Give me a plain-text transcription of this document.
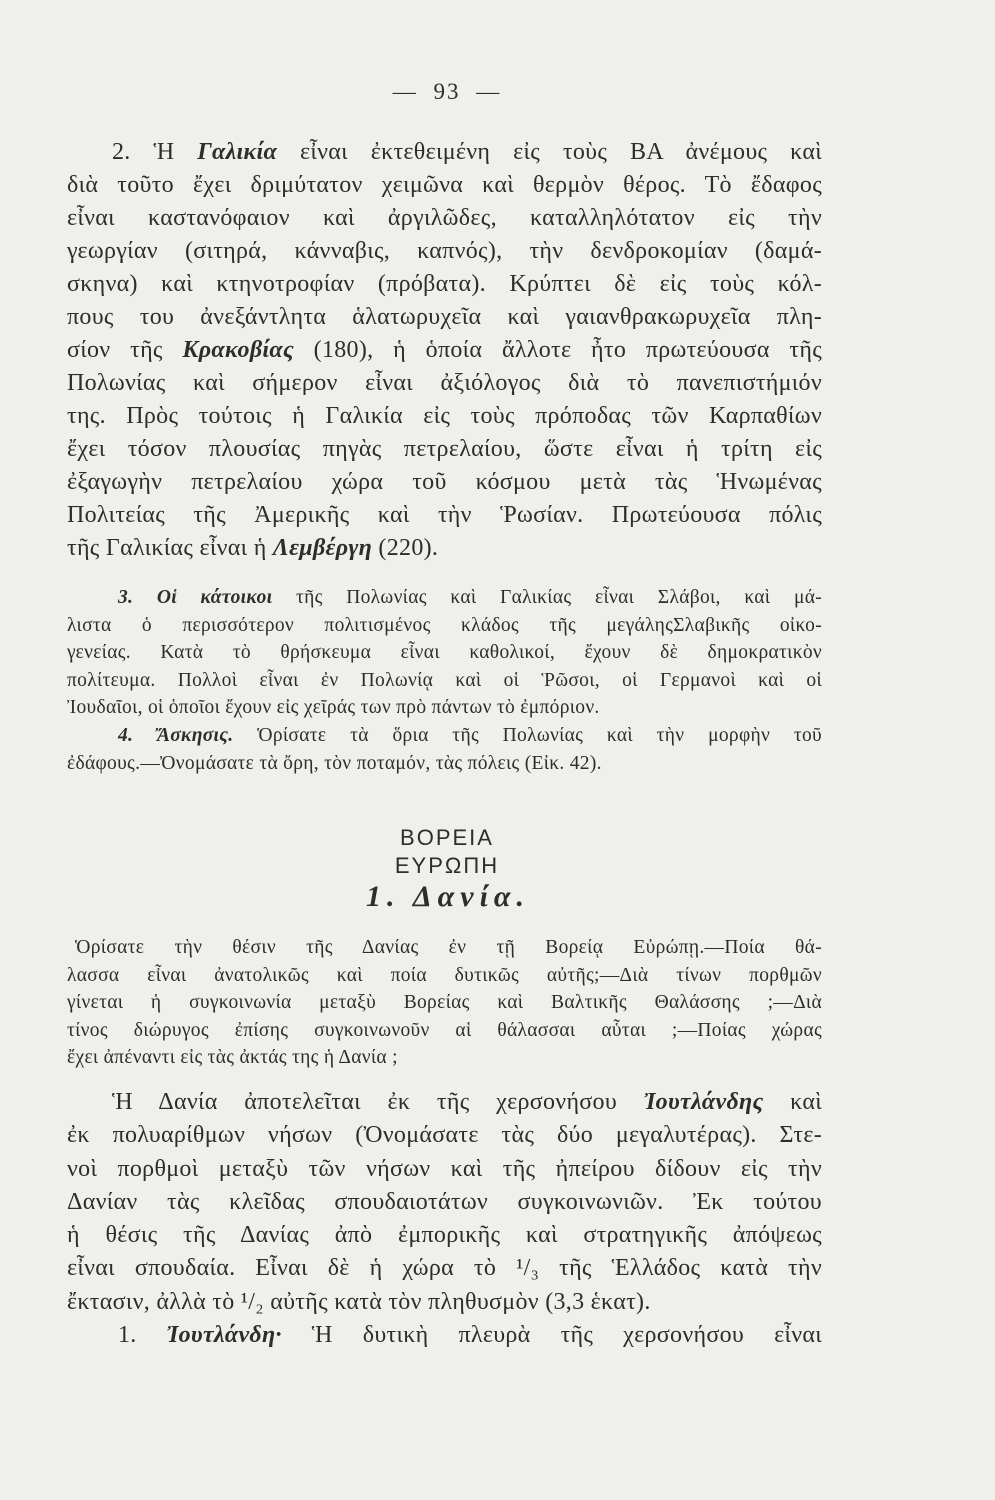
— 93 —
2. Ἡ Γαλικία εἶναι ἐκτεθειμένη εἰς τοὺς ΒΑ ἀνέμους καὶ
διὰ τοῦτο ἔχει δριμύτατον χειμῶνα καὶ θερμὸν θέρος. Τὸ ἔδαφος
εἶναι καστανόφαιον καὶ ἀργιλῶδες, καταλληλότατον εἰς τὴν
γεωργίαν (σιτηρά, κάνναβις, καπνός), τὴν δενδροκομίαν (δαμά-
σκηνα) καὶ κτηνοτροφίαν (πρόβατα). Κρύπτει δὲ εἰς τοὺς κόλ-
πους του ἀνεξάντλητα ἁλατωρυχεῖα καὶ γαιανθρακωρυχεῖα πλη-
σίον τῆς Κρακοβίας (180), ἡ ὁποία ἄλλοτε ἦτο πρωτεύουσα τῆς
Πολωνίας καὶ σήμερον εἶναι ἀξιόλογος διὰ τὸ πανεπιστήμιόν
της. Πρὸς τούτοις ἡ Γαλικία εἰς τοὺς πρόποδας τῶν Καρπαθίων
ἔχει τόσον πλουσίας πηγὰς πετρελαίου, ὥστε εἶναι ἡ τρίτη εἰς
ἐξαγωγὴν πετρελαίου χώρα τοῦ κόσμου μετὰ τὰς Ἡνωμένας
Πολιτείας τῆς Ἀμερικῆς καὶ τὴν Ῥωσίαν. Πρωτεύουσα πόλις
τῆς Γαλικίας εἶναι ἡ Λεμβέργη (220).
3. Οἱ κάτοικοι τῆς Πολωνίας καὶ Γαλικίας εἶναι Σλάβοι, καὶ μά-
λιστα ὁ περισσότερον πολιτισμένος κλάδος τῆς μεγάληςΣλαβικῆς οἰκο-
γενείας. Κατὰ τὸ θρήσκευμα εἶναι καθολικοί, ἔχουν δὲ δημοκρατικὸν
πολίτευμα. Πολλοὶ εἶναι ἐν Πολωνίᾳ καὶ οἱ Ῥῶσοι, οἱ Γερμανοὶ καὶ οἱ
Ἰουδαῖοι, οἱ ὁποῖοι ἔχουν εἰς χεῖράς των πρὸ πάντων τὸ ἐμπόριον.
4. Ἄσκησις. Ὁρίσατε τὰ ὅρια τῆς Πολωνίας καὶ τὴν μορφὴν τοῦ
ἐδάφους.—Ὀνομάσατε τὰ ὄρη, τὸν ποταμόν, τὰς πόλεις (Εἰκ. 42).
ΒΟΡΕΙΑ ΕΥΡΩΠΗ
1. Δανία.
Ὁρίσατε τὴν θέσιν τῆς Δανίας ἐν τῇ Βορείᾳ Εὐρώπῃ.—Ποία θά-
λασσα εἶναι ἀνατολικῶς καὶ ποία δυτικῶς αὐτῆς;—Διὰ τίνων πορθμῶν
γίνεται ἡ συγκοινωνία μεταξὺ Βορείας καὶ Βαλτικῆς Θαλάσσης ;—Διὰ
τίνος διώρυγος ἐπίσης συγκοινωνοῦν αἱ θάλασσαι αὗται ;—Ποίας χώρας
ἔχει ἀπέναντι εἰς τὰς ἀκτάς της ἡ Δανία ;
Ἡ Δανία ἀποτελεῖται ἐκ τῆς χερσονήσου Ἰουτλάνδης καὶ
ἐκ πολυαρίθμων νήσων (Ὀνομάσατε τὰς δύο μεγαλυτέρας). Στε-
νοὶ πορθμοὶ μεταξὺ τῶν νήσων καὶ τῆς ἠπείρου δίδουν εἰς τὴν
Δανίαν τὰς κλεῖδας σπουδαιοτάτων συγκοινωνιῶν. Ἐκ τούτου
ἡ θέσις τῆς Δανίας ἀπὸ ἐμπορικῆς καὶ στρατηγικῆς ἀπόψεως
εἶναι σπουδαία. Εἶναι δὲ ἡ χώρα τὸ ¹/₃ τῆς Ἑλλάδος κατὰ τὴν
ἔκτασιν, ἀλλὰ τὸ ¹/₂ αὐτῆς κατὰ τὸν πληθυσμὸν (3,3 ἑκατ).
1. Ἰουτλάνδη· Ἡ δυτικὴ πλευρὰ τῆς χερσονήσου εἶναι
